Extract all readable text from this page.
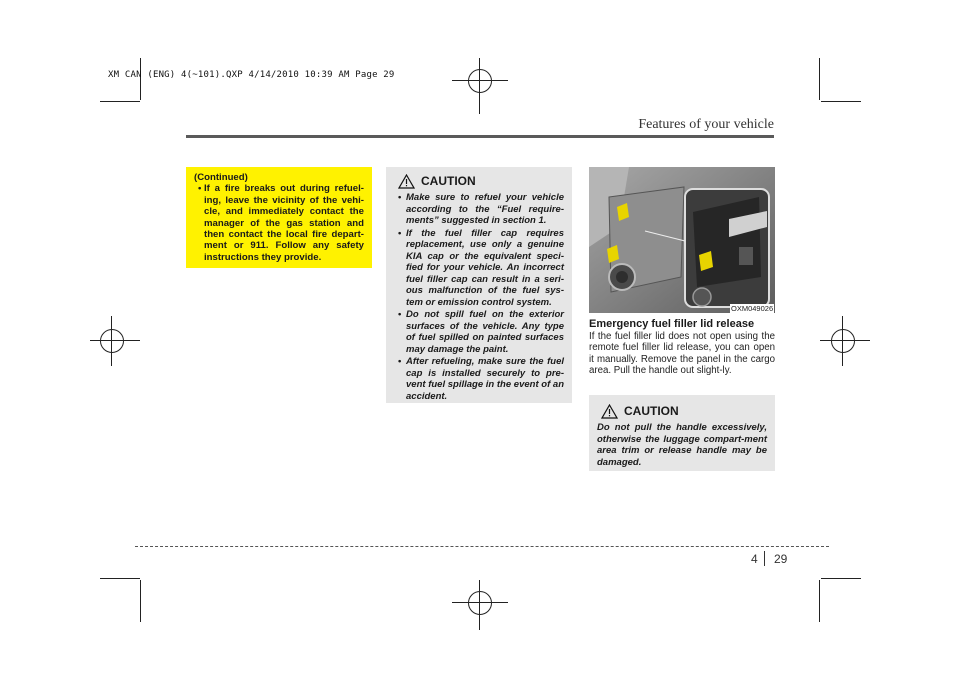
XM CAN (ENG) 4(~101).QXP 4/14/2010 10:39 AM Page 29
Features of your vehicle
(Continued)
• If a fire breaks out during refuel-ing, leave the vicinity of the vehi-cle, and immediately contact the manager of the gas station and then contact the local fire depart-ment or 911. Follow any safety instructions they provide.
CAUTION
• Make sure to refuel your vehicle according to the “Fuel require-ments” suggested in section 1.
• If the fuel filler cap requires replacement, use only a genuine KIA cap or the equivalent speci-fied for your vehicle. An incorrect fuel filler cap can result in a seri-ous malfunction of the fuel sys-tem or emission control system.
• Do not spill fuel on the exterior surfaces of the vehicle. Any type of fuel spilled on painted surfaces may damage the paint.
• After refueling, make sure the fuel cap is installed securely to pre-vent fuel spillage in the event of an accident.
OXM049026
Emergency fuel filler lid release
If the fuel filler lid does not open using the remote fuel filler lid release, you can open it manually. Remove the panel in the cargo area. Pull the handle out slight-ly.
CAUTION
Do not pull the handle excessively, otherwise the luggage compart-ment area trim or release handle may be damaged.
4 29
